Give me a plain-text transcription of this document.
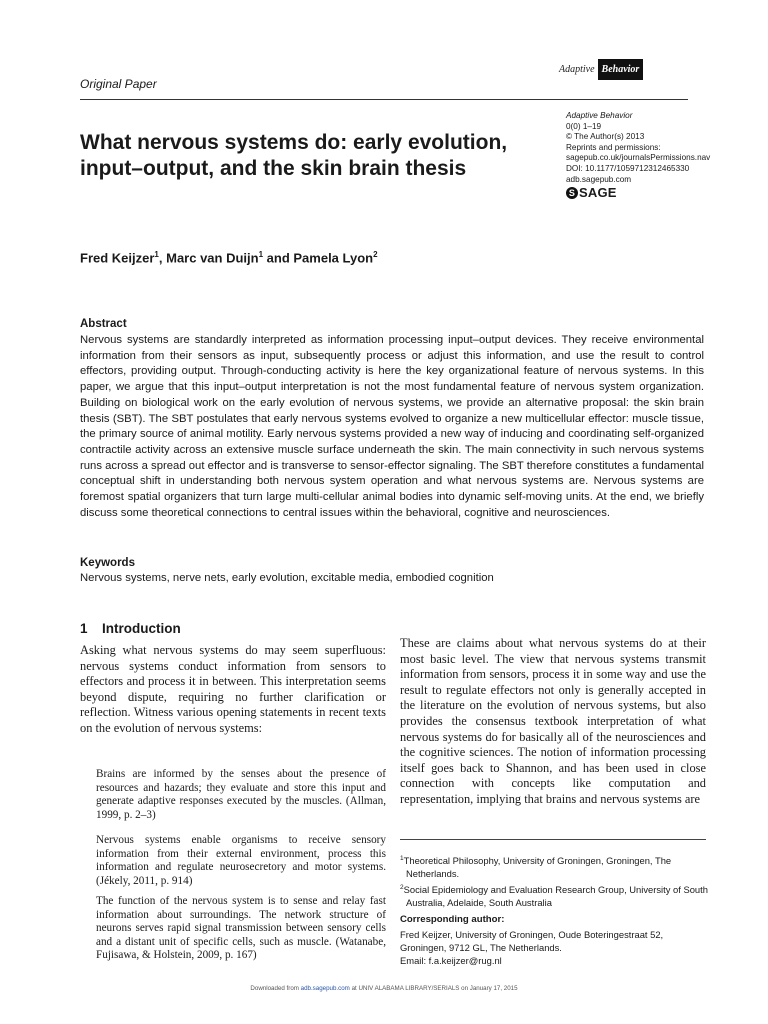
Adaptive Behavior
Original Paper
What nervous systems do: early evolution, input–output, and the skin brain thesis
Adaptive Behavior
0(0) 1–19
© The Author(s) 2013
Reprints and permissions:
sagepub.co.uk/journalsPermissions.nav
DOI: 10.1177/1059712312465330
adb.sagepub.com
S SAGE
Fred Keijzer$^1$, Marc van Duijn$^1$ and Pamela Lyon$^2$
Abstract

Nervous systems are standardly interpreted as information processing input–output devices. They receive environmental information from their sensors as input, subsequently process or adjust this information, and use the result to control effectors, providing output. Through-conducting activity is here the key organizational feature of nervous systems. In this paper, we argue that this input–output interpretation is not the most fundamental feature of nervous system organization. Building on biological work on the early evolution of nervous systems, we provide an alternative proposal: the skin brain thesis (SBT). The SBT postulates that early nervous systems evolved to organize a new multicellular effector: muscle tissue, the primary source of animal motility. Early nervous systems provided a new way of inducing and coordinating self-organized contractile activity across an extensive muscle surface underneath the skin. The main connectivity in such nervous systems runs across a spread out effector and is transverse to sensor-effector signaling. The SBT therefore constitutes a fundamental conceptual shift in understanding both nervous system operation and what nervous systems are. Nervous systems are foremost spatial organizers that turn large multi-cellular animal bodies into dynamic self-moving units. At the end, we briefly discuss some theoretical connections to central issues within the behavioral, cognitive and neurosciences.

Keywords
Nervous systems, nerve nets, early evolution, excitable media, embodied cognition
1 Introduction

Asking what nervous systems do may seem superfluous: nervous systems conduct information from sensors to effectors and process it in between. This interpretation seems beyond dispute, requiring no further clarification or reflection. Witness various opening statements in recent texts on the evolution of nervous systems:

Brains are informed by the senses about the presence of resources and hazards; they evaluate and store this input and generate adaptive responses executed by the muscles. (Allman, 1999, p. 2–3)

Nervous systems enable organisms to receive sensory information from their external environment, process this information and regulate neurosecretory and motor systems. (Jékely, 2011, p. 914)

The function of the nervous system is to sense and relay fast information about surroundings. The network structure of neurons serves rapid signal transmission between sensory cells and a distant unit of specific cells, such as muscle. (Watanabe, Fujisawa, & Holstein, 2009, p. 167)

These are claims about what nervous systems do at their most basic level. The view that nervous systems transmit information from sensors, process it in some way and use the result to regulate effectors not only is generally accepted in the literature on the evolution of nervous systems, but also provides the consensus textbook interpretation of what nervous systems do for basically all of the neurosciences and the cognitive sciences. The notion of information processing itself goes back to Shannon, and has been used in close connection with concepts like computation and representation, implying that brains and nervous systems are

$^1$Theoretical Philosophy, University of Groningen, Groningen, The Netherlands.

$^2$Social Epidemiology and Evaluation Research Group, University of South Australia, Adelaide, South Australia

Corresponding author:
Fred Keijzer, University of Groningen, Oude Boteringestraat 52,
Groningen, 9712 GL, The Netherlands.
Email: f.a.keijzer@rug.nl
Downloaded from adb.sagepub.com at UNIV ALABAMA LIBRARY/SERIALS on January 17, 2015
